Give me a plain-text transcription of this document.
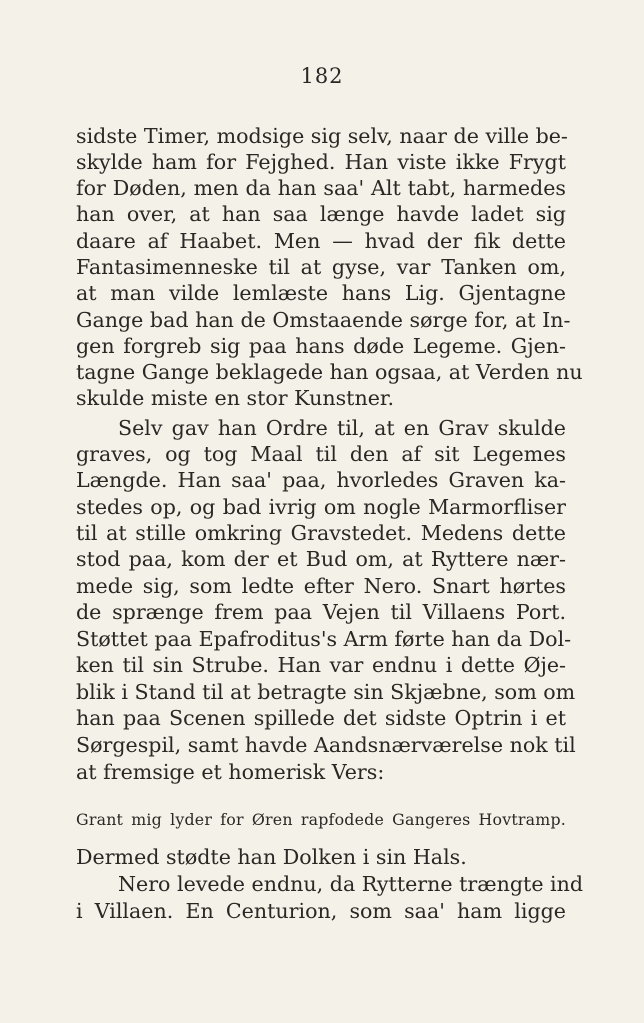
182
sidste Timer, modsige sig selv, naar de ville be-
skylde ham for Fejghed. Han viste ikke Frygt
for Døden, men da han saa' Alt tabt, harmedes
han over, at han saa længe havde ladet sig
daare af Haabet. Men — hvad der fik dette
Fantasimenneske til at gyse, var Tanken om,
at man vilde lemlæste hans Lig. Gjentagne
Gange bad han de Omstaaende sørge for, at In-
gen forgreb sig paa hans døde Legeme. Gjen-
tagne Gange beklagede han ogsaa, at Verden nu
skulde miste en stor Kunstner.
Selv gav han Ordre til, at en Grav skulde
graves, og tog Maal til den af sit Legemes
Længde. Han saa' paa, hvorledes Graven ka-
stedes op, og bad ivrig om nogle Marmorfliser
til at stille omkring Gravstedet. Medens dette
stod paa, kom der et Bud om, at Ryttere nær-
mede sig, som ledte efter Nero. Snart hørtes
de sprænge frem paa Vejen til Villaens Port.
Støttet paa Epafroditus's Arm førte han da Dol-
ken til sin Strube. Han var endnu i dette Øje-
blik i Stand til at betragte sin Skjæbne, som om
han paa Scenen spillede det sidste Optrin i et
Sørgespil, samt havde Aandsnærværelse nok til
at fremsige et homerisk Vers:
Grant mig lyder for Øren rapfodede Gangeres Hovtramp.
Dermed stødte han Dolken i sin Hals.
Nero levede endnu, da Rytterne trængte ind
i Villaen. En Centurion, som saa' ham ligge
